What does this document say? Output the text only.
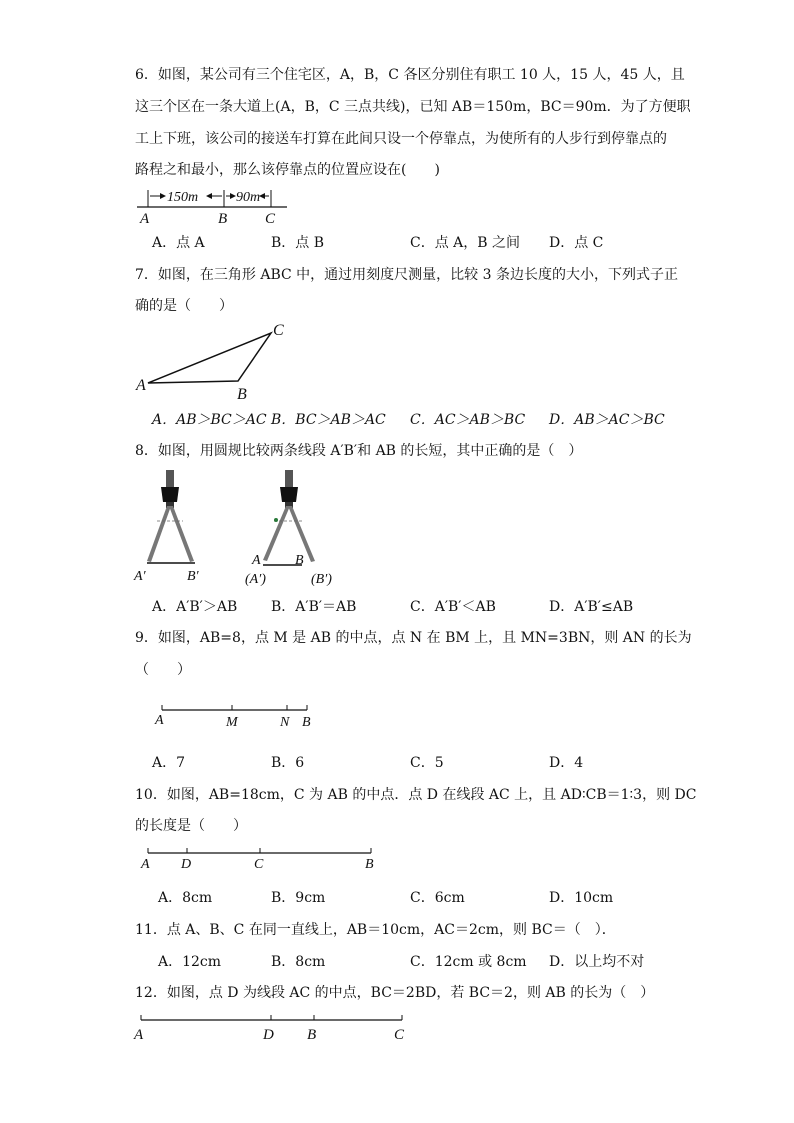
6．如图，某公司有三个住宅区，A，B，C 各区分别住有职工 10 人，15 人，45 人，且
这三个区在一条大道上(A，B，C 三点共线)，已知 AB＝150m，BC＝90m．为了方便职
工上下班，该公司的接送车打算在此间只设一个停靠点，为使所有的人步行到停靠点的
路程之和最小，那么该停靠点的位置应设在(　　)
150m	90m
A	B	C
A．点 A	B．点 B	C．点 A，B 之间 D．点 C
7．如图，在三角形 ABC 中，通过用刻度尺测量，比较 3 条边长度的大小，下列式子正
确的是（　　）
A
B
C
A．AB＞BC＞AC B．BC＞AB＞AC C．AC＞AB＞BC D．AB＞AC＞BC
8．如图，用圆规比较两条线段 A′B′和 AB 的长短，其中正确的是（　）
A′	B′
A B
(A′)	(B′)
A．A′B′＞AB B．A′B′＝AB	C．A′B′＜AB	D．A′B′≤AB
9．如图，AB=8，点 M 是 AB 的中点，点 N 在 BM 上，且 MN=3BN，则 AN 的长为
（　　）
A	M	N B
A．7	B．6	C．5	D．4
10．如图，AB=18cm，C 为 AB 的中点．点 D 在线段 AC 上，且 AD∶CB＝1∶3，则 DC
的长度是（　　）
A D	C	B
A．8cm	B．9cm	C．6cm	D．10cm
11．点 A、B、C 在同一直线上，AB＝10cm，AC＝2cm，则 BC＝（　）．
A．12cm	B．8cm	C．12cm 或 8cm D．以上均不对
12．如图，点 D 为线段 AC 的中点，BC＝2BD，若 BC＝2，则 AB 的长为（　）
A	D B	C
